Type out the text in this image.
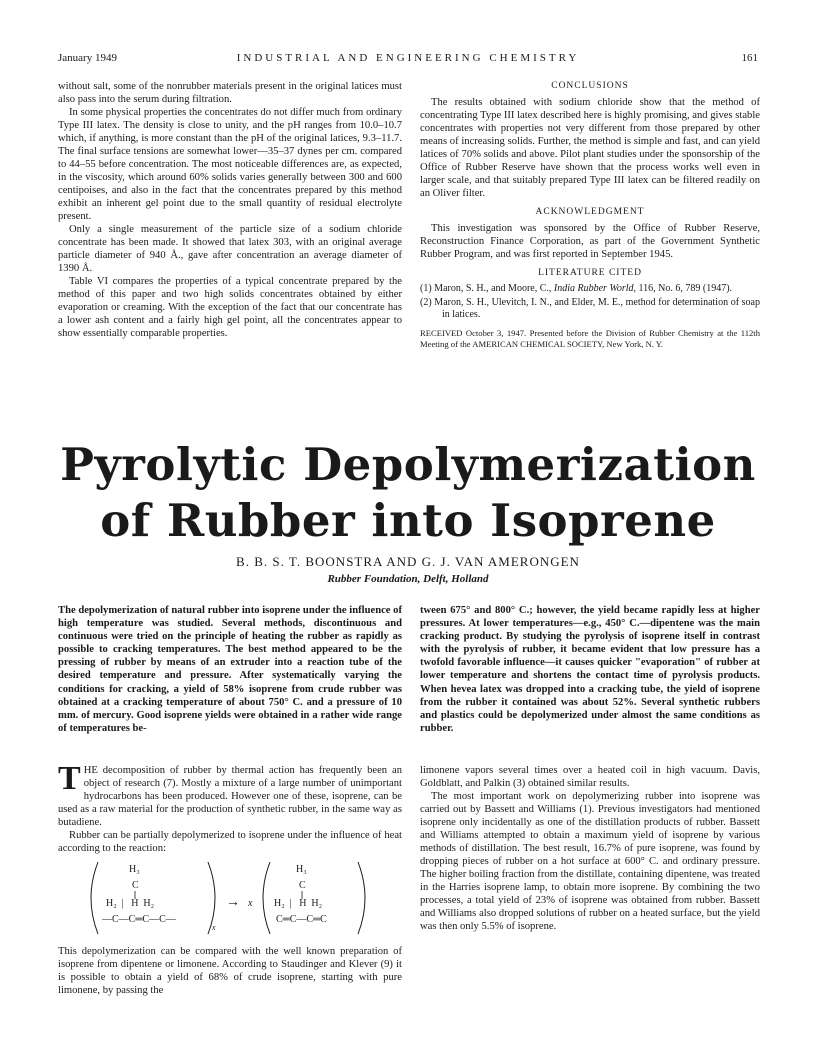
January 1949	INDUSTRIAL AND ENGINEERING CHEMISTRY	161

without salt, some of the nonrubber materials present in the original latices must also pass into the serum during filtration.

In some physical properties the concentrates do not differ much from ordinary Type III latex. The density is close to unity, and the pH ranges from 10.0–10.7 which, if anything, is more constant than the pH of the original latices, 9.3–11.7. The final surface tensions are somewhat lower—35–37 dynes per cm. compared to 44–55 before concentration. The most noticeable differences are, as expected, in the viscosity, which around 60% solids varies generally between 300 and 600 centipoises, and also in the fact that the concentrates prepared by this method exhibit an inherent gel point due to the small quantity of residual electrolyte present.

Only a single measurement of the particle size of a sodium chloride concentrate has been made. It showed that latex 303, with an original average particle diameter of 940 Å., gave after concentration an average diameter of 1390 Å.

Table VI compares the properties of a typical concentrate prepared by the method of this paper and two high solids concentrates obtained by either evaporation or creaming. With the exception of the fact that our concentrate has a lower ash content and a fairly high gel point, all the concentrates appear to show essentially comparable properties.

CONCLUSIONS

The results obtained with sodium chloride show that the method of concentrating Type III latex described here is highly promising, and gives stable concentrates with properties not very different from those prepared by other means of increasing solids. Further, the method is simple and fast, and can yield latices of 70% solids and above. Pilot plant studies under the sponsorship of the Office of Rubber Reserve have shown that the process works well even in larger scale, and that suitably prepared Type III latex can be filtered readily on an Oliver filter.

ACKNOWLEDGMENT

This investigation was sponsored by the Office of Rubber Reserve, Reconstruction Finance Corporation, as part of the Government Synthetic Rubber Program, and was first reported in September 1945.

LITERATURE CITED
(1) Maron, S. H., and Moore, C., India Rubber World, 116, No. 6, 789 (1947).
(2) Maron, S. H., Ulevitch, I. N., and Elder, M. E., method for determination of soap in latices.
RECEIVED October 3, 1947. Presented before the Division of Rubber Chemistry at the 112th Meeting of the AMERICAN CHEMICAL SOCIETY, New York, N. Y.
Pyrolytic Depolymerization
of Rubber into Isoprene
B. B. S. T. BOONSTRA AND G. J. VAN AMERONGEN
Rubber Foundation, Delft, Holland

The depolymerization of natural rubber into isoprene under the influence of high temperature was studied. Several methods, discontinuous and continuous were tried on the principle of heating the rubber as rapidly as possible to cracking temperatures. The best method appeared to be the pressing of rubber by means of an extruder into a reaction tube of the desired temperature and pressure. After systematically varying the conditions for cracking, a yield of 58% isoprene from crude rubber was obtained at a cracking temperature of about 750° C. and a pressure of 10 mm. of mercury. Good isoprene yields were obtained in a rather wide range of temperatures be-

tween 675° and 800° C.; however, the yield became rapidly less at higher pressures. At lower temperatures—e.g., 450° C.—dipentene was the main cracking product. By studying the pyrolysis of isoprene itself in contrast with the pyrolysis of rubber, it became evident that low pressure has a twofold favorable influence—it causes quicker "evaporation" of rubber at lower temperature and shortens the contact time of pyrolysis products. When hevea latex was dropped into a cracking tube, the yield of isoprene from the rubber it contained was about 52%. Several synthetic rubbers and plastics could be depolymerized under almost the same conditions as rubber.

THE decomposition of rubber by thermal action has frequently been an object of research (7). Mostly a mixture of a large number of unimportant hydrocarbons has been produced. However one of these, isoprene, can be used as a raw material for the production of synthetic rubber, in the same way as butadiene.

Rubber can be partially depolymerized to isoprene under the influence of heat according to the reaction:

H₃
C
H₂  |   H  H₂
—C—C═C—C—
x
→ x
H₃
C
H₂  |   H  H₂
C═C—C═C

This depolymerization can be compared with the well known preparation of isoprene from dipentene or limonene. According to Staudinger and Klever (9) it is possible to obtain a yield of 68% of crude isoprene, starting with pure limonene, by passing the

limonene vapors several times over a heated coil in high vacuum. Davis, Goldblatt, and Palkin (3) obtained similar results.

The most important work on depolymerizing rubber into isoprene was carried out by Bassett and Williams (1). Previous investigators had mentioned isoprene only incidentally as one of the distillation products of rubber. Bassett and Williams attempted to obtain a maximum yield of isoprene by various methods of distillation. The best result, 16.7% of pure isoprene, was found by dropping pieces of rubber on a hot surface at 600° C. and ordinary pressure. The higher boiling fraction from the distillate, containing dipentene, was treated in the Harries isoprene lamp, to obtain more isoprene. By combining the two processes, a total yield of 23% of isoprene was obtained from rubber. Bassett and Williams also dropped solutions of rubber on a heated surface, but the yield was then only 5.5% of isoprene.
